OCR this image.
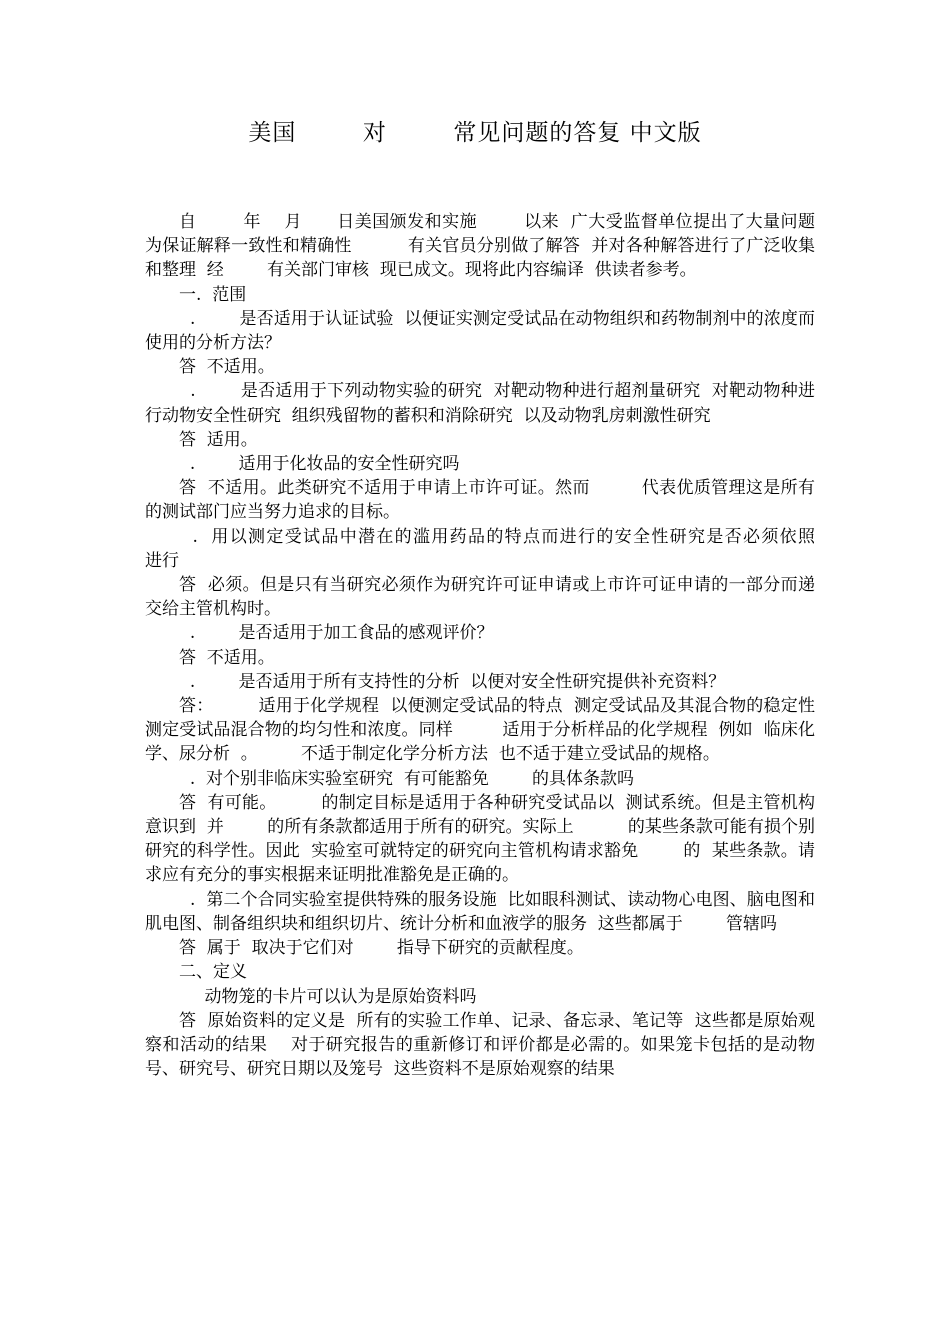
美国        对        常见问题的答复 中文版

自        年    月      日美国颁发和实施        以来  广大受监督单位提出了大量问题  为保证解释一致性和精确性          有关官员分别做了解答  并对各种解答进行了广泛收集和整理  经        有关部门审核  现已成文。现将此内容编译  供读者参考。

一.  范围

.        是否适用于认证试验  以便证实测定受试品在动物组织和药物制剂中的浓度而使用的分析方法？

答  不适用。

.        是否适用于下列动物实验的研究  对靶动物种进行超剂量研究  对靶动物种进行动物安全性研究  组织残留物的蓄积和消除研究  以及动物乳房刺激性研究

答  适用。

.        适用于化妆品的安全性研究吗

答  不适用。此类研究不适用于申请上市许可证。然而         代表优质管理这是所有的测试部门应当努力追求的目标。

.  用以测定受试品中潜在的滥用药品的特点而进行的安全性研究是否必须依照        进行

答  必须。但是只有当研究必须作为研究许可证申请或上市许可证申请的一部分而递交给主管机构时。

.        是否适用于加工食品的感观评价？

答  不适用。

.        是否适用于所有支持性的分析  以便对安全性研究提供补充资料？

答：        适用于化学规程  以便测定受试品的特点  测定受试品及其混合物的稳定性  测定受试品混合物的均匀性和浓度。同样         适用于分析样品的化学规程  例如  临床化学、尿分析  。        不适于制定化学分析方法  也不适于建立受试品的规格。

.  对个别非临床实验室研究  有可能豁免        的具体条款吗

答  有可能。        的制定目标是适用于各种研究受试品以  测试系统。但是主管机构意识到  并        的所有条款都适用于所有的研究。实际上          的某些条款可能有损个别研究的科学性。因此  实验室可就特定的研究向主管机构请求豁免        的  某些条款。请求应有充分的事实根据来证明批准豁免是正确的。

.  第二个合同实验室提供特殊的服务设施  比如眼科测试、读动物心电图、脑电图和肌电图、制备组织块和组织切片、统计分析和血液学的服务  这些都属于        管辖吗

答  属于  取决于它们对        指导下研究的贡献程度。

二、定义

动物笼的卡片可以认为是原始资料吗

答  原始资料的定义是  所有的实验工作单、记录、备忘录、笔记等  这些都是原始观察和活动的结果    对于研究报告的重新修订和评价都是必需的。如果笼卡包括的是动物号、研究号、研究日期以及笼号  这些资料不是原始观察的结果
